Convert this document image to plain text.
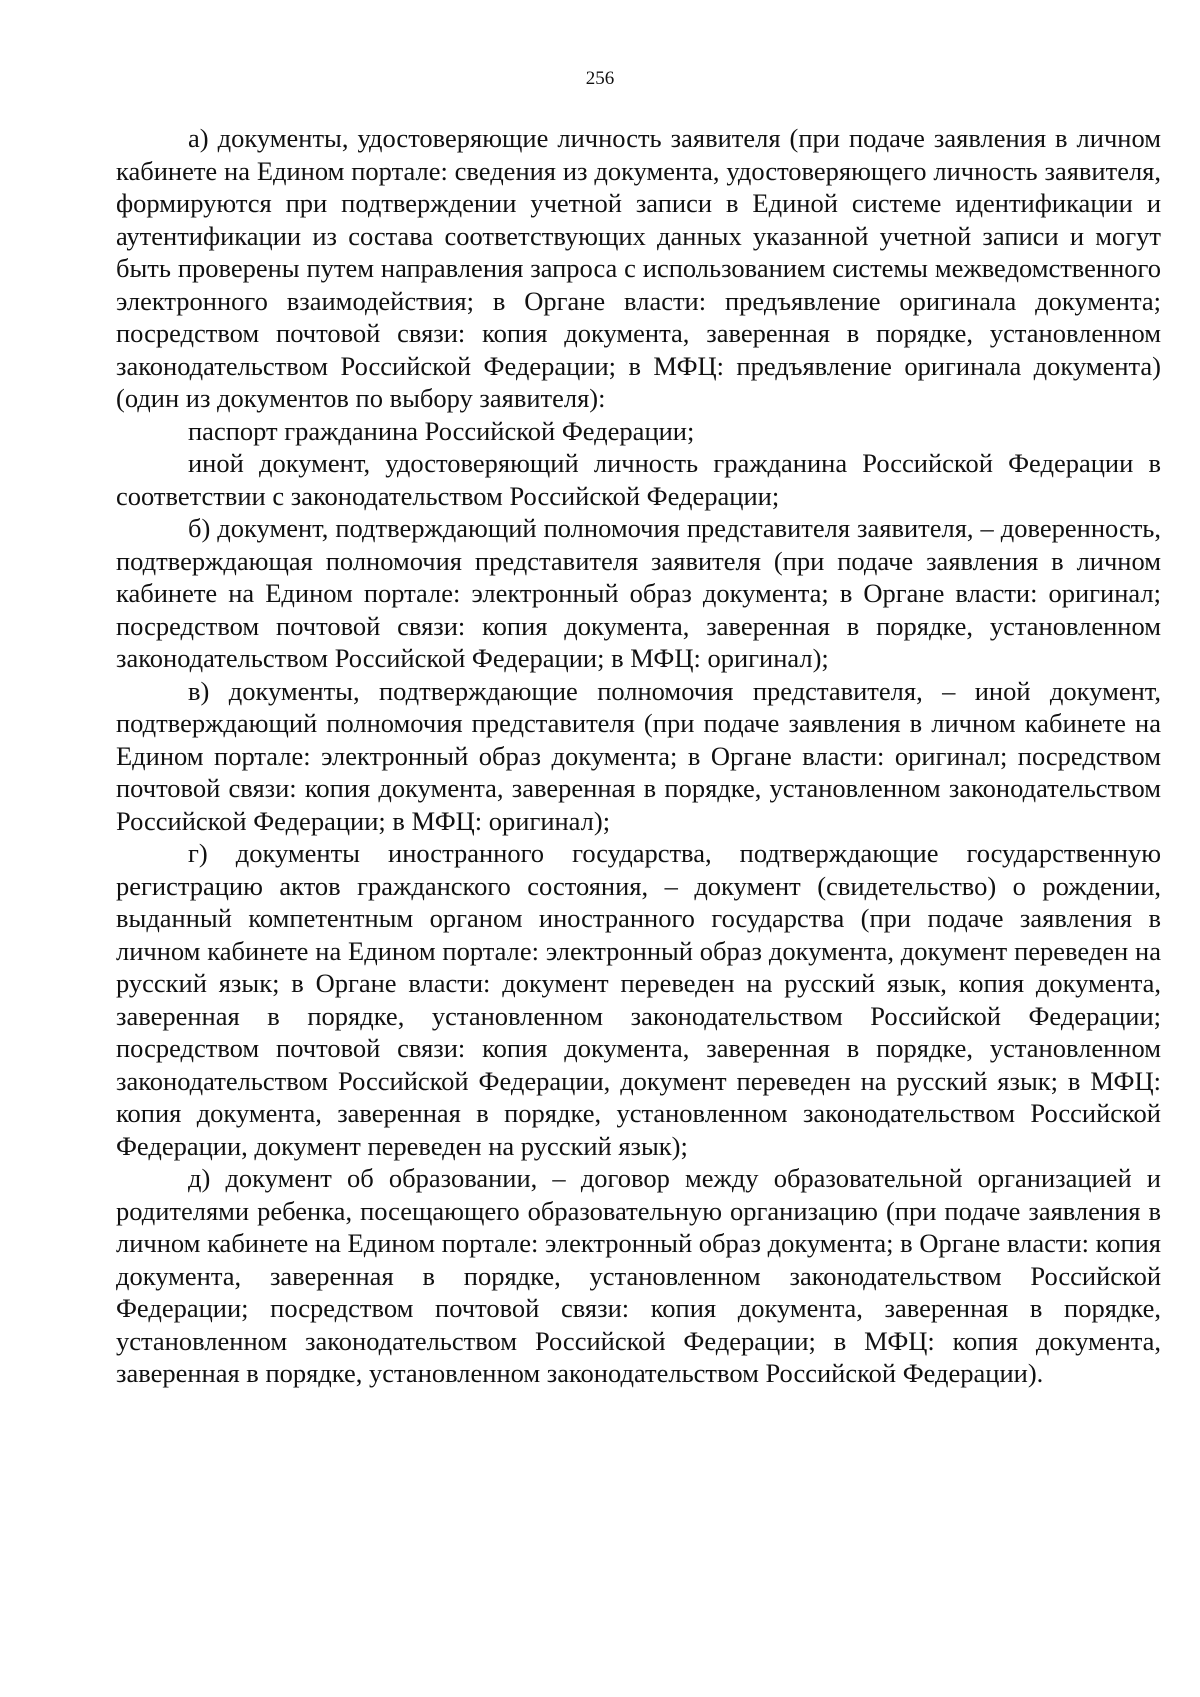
256

а) документы, удостоверяющие личность заявителя (при подаче заявления в личном кабинете на Едином портале: сведения из документа, удостоверяющего личность заявителя, формируются при подтверждении учетной записи в Единой системе идентификации и аутентификации из состава соответствующих данных указанной учетной записи и могут быть проверены путем направления запроса с использованием системы межведомственного электронного взаимодействия; в Органе власти: предъявление оригинала документа; посредством почтовой связи: копия документа, заверенная в порядке, установленном законодательством Российской Федерации; в МФЦ: предъявление оригинала документа) (один из документов по выбору заявителя):

паспорт гражданина Российской Федерации;

иной документ, удостоверяющий личность гражданина Российской Федерации в соответствии с законодательством Российской Федерации;

б) документ, подтверждающий полномочия представителя заявителя, – доверенность, подтверждающая полномочия представителя заявителя (при подаче заявления в личном кабинете на Едином портале: электронный образ документа; в Органе власти: оригинал; посредством почтовой связи: копия документа, заверенная в порядке, установленном законодательством Российской Федерации; в МФЦ: оригинал);

в) документы, подтверждающие полномочия представителя, – иной документ, подтверждающий полномочия представителя (при подаче заявления в личном кабинете на Едином портале: электронный образ документа; в Органе власти: оригинал; посредством почтовой связи: копия документа, заверенная в порядке, установленном законодательством Российской Федерации; в МФЦ: оригинал);

г) документы иностранного государства, подтверждающие государственную регистрацию актов гражданского состояния, – документ (свидетельство) о рождении, выданный компетентным органом иностранного государства (при подаче заявления в личном кабинете на Едином портале: электронный образ документа, документ переведен на русский язык; в Органе власти: документ переведен на русский язык, копия документа, заверенная в порядке, установленном законодательством Российской Федерации; посредством почтовой связи: копия документа, заверенная в порядке, установленном законодательством Российской Федерации, документ переведен на русский язык; в МФЦ: копия документа, заверенная в порядке, установленном законодательством Российской Федерации, документ переведен на русский язык);

д) документ об образовании, – договор между образовательной организацией и родителями ребенка, посещающего образовательную организацию (при подаче заявления в личном кабинете на Едином портале: электронный образ документа; в Органе власти: копия документа, заверенная в порядке, установленном законодательством Российской Федерации; посредством почтовой связи: копия документа, заверенная в порядке, установленном законодательством Российской Федерации; в МФЦ: копия документа, заверенная в порядке, установленном законодательством Российской Федерации).
